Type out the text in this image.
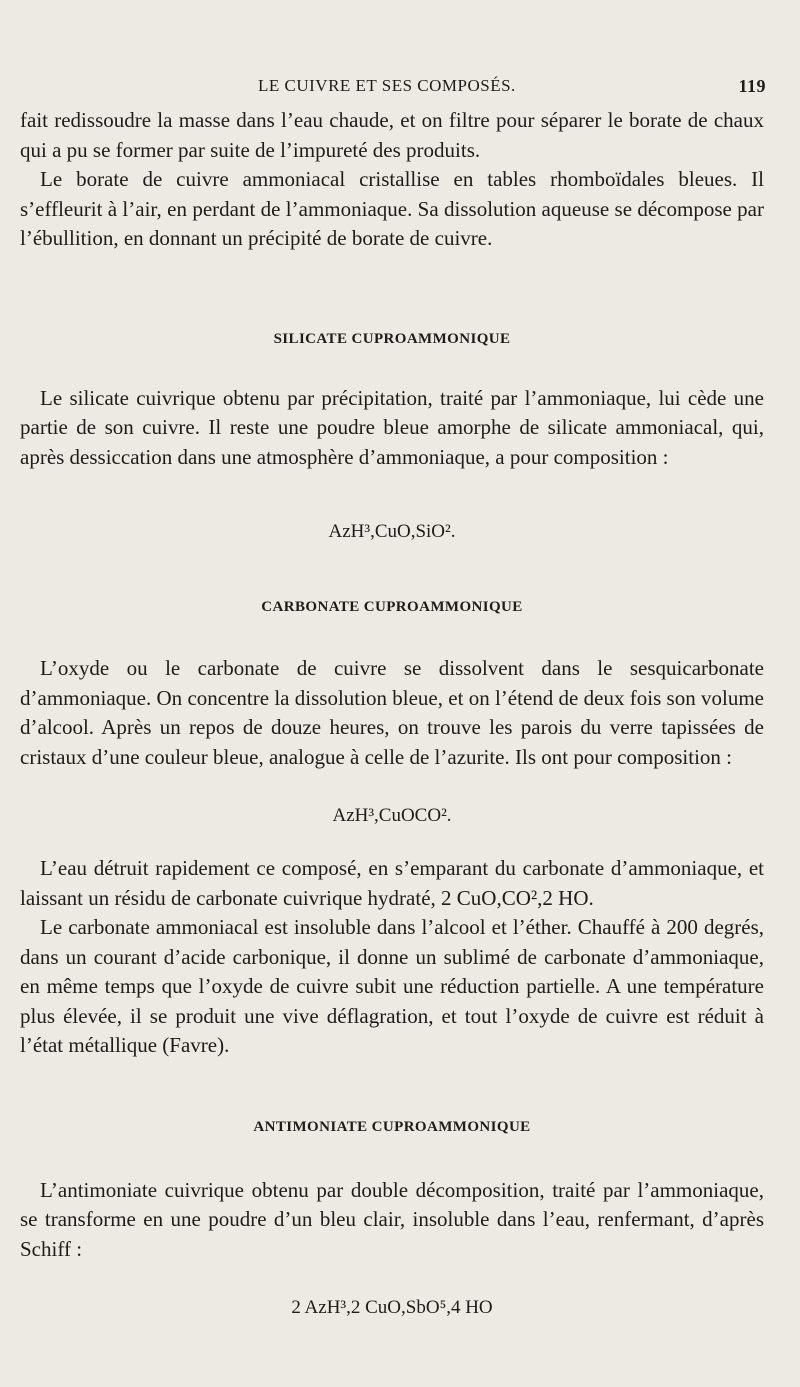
LE CUIVRE ET SES COMPOSÉS.	119

fait redissoudre la masse dans l’eau chaude, et on filtre pour séparer le borate de chaux qui a pu se former par suite de l’impureté des produits.

Le borate de cuivre ammoniacal cristallise en tables rhomboïdales bleues. Il s’effleurit à l’air, en perdant de l’ammoniaque. Sa dissolution aqueuse se décompose par l’ébullition, en donnant un précipité de borate de cuivre.

SILICATE CUPROAMMONIQUE

Le silicate cuivrique obtenu par précipitation, traité par l’ammoniaque, lui cède une partie de son cuivre. Il reste une poudre bleue amorphe de silicate ammoniacal, qui, après dessiccation dans une atmosphère d’ammoniaque, a pour composition :

AzH³,CuO,SiO².
CARBONATE CUPROAMMONIQUE

L’oxyde ou le carbonate de cuivre se dissolvent dans le sesquicarbonate d’ammoniaque. On concentre la dissolution bleue, et on l’étend de deux fois son volume d’alcool. Après un repos de douze heures, on trouve les parois du verre tapissées de cristaux d’une couleur bleue, analogue à celle de l’azurite. Ils ont pour composition :

AzH³,CuOCO².

L’eau détruit rapidement ce composé, en s’emparant du carbonate d’ammoniaque, et laissant un résidu de carbonate cuivrique hydraté, 2 CuO,CO²,2 HO.

Le carbonate ammoniacal est insoluble dans l’alcool et l’éther. Chauffé à 200 degrés, dans un courant d’acide carbonique, il donne un sublimé de carbonate d’ammoniaque, en même temps que l’oxyde de cuivre subit une réduction partielle. A une température plus élevée, il se produit une vive déflagration, et tout l’oxyde de cuivre est réduit à l’état métallique (Favre).

ANTIMONIATE CUPROAMMONIQUE

L’antimoniate cuivrique obtenu par double décomposition, traité par l’ammoniaque, se transforme en une poudre d’un bleu clair, insoluble dans l’eau, renfermant, d’après Schiff :

2 AzH³,2 CuO,SbO⁵,4 HO
